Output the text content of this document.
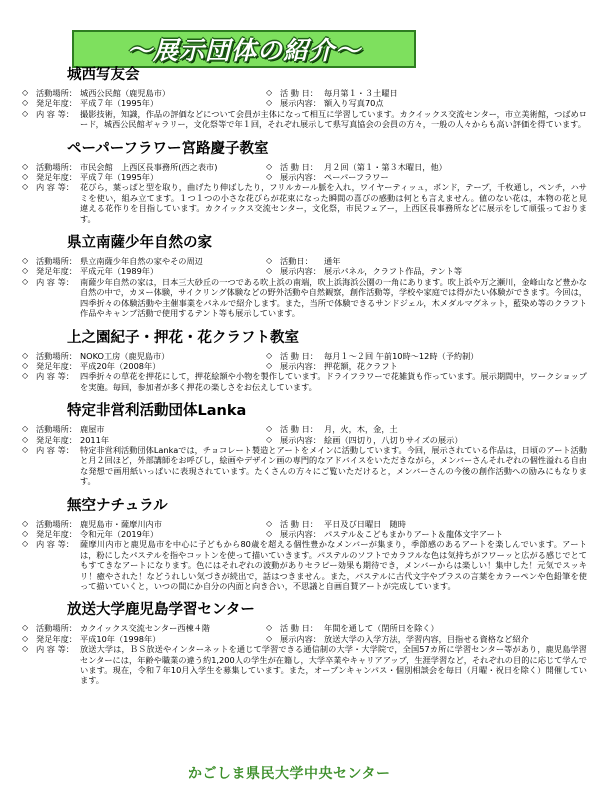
〜展示団体の紹介〜
城西写友会
◇ 活動場所： 城西公民館（鹿児島市）	◇ 活 動 日： 毎月第１・３土曜日
◇ 発足年度： 平成７年（1995年）	◇ 展示内容： 額入り写真70点
◇ 内 容 等： 撮影技術，知識，作品の評価などについて会員が主体になって相互に学習しています。カクイックス交流センター，市立美術館，つばめロード，城西公民館ギャラリー，文化祭等で年１回，それぞれ展示して県写真協会の会員の方々，一般の人々からも高い評価を得ています。
ペーパーフラワー宮路慶子教室
◇ 活動場所： 市民会館　上西区長事務所(西之表市)	◇ 活 動 日： 月２回（第１・第３木曜日，他）
◇ 発足年度： 平成７年（1995年）	◇ 展示内容： ペーパーフラワー
◇ 内 容 等： 花びら，葉っぱと型を取り，曲げたり伸ばしたり，フリルカール脈を入れ，ワイヤーティッュ，ボンド，テープ，千枚通し，ペンチ，ハサミを使い，組み立てます。１つ１つの小さな花びらが花束になった瞬間の喜びの感動は何とも言えません。値のない花は，本物の花と見違える花作りを目指しています。カクイックス交流センター，文化祭，市民フェアー，上西区長事務所などに展示をして頑張っております。
県立南薩少年自然の家
◇ 活動場所： 県立南薩少年自然の家やその周辺	◇ 活動日：	通年
◇ 発足年度： 平成元年（1989年）	◇ 展示内容： 展示パネル，クラフト作品，テント等
◇ 内 容 等： 南薩少年自然の家は，日本三大砂丘の一つである吹上浜の南端，吹上浜海浜公園の一角にあります。吹上浜や万之瀬川，金峰山など豊かな自然の中で，カヌー体験，サイクリング体験などの野外活動や自然観察，創作活動等，学校や家庭では得がたい体験ができます。今回は，四季折々の体験活動や主催事業をパネルで紹介します。また，当所で体験できるサンドジェル，木メダルマグネット，藍染め等のクラフト作品やキャンプ活動で使用するテント等も展示しています。
上之園紀子・押花・花クラフト教室
◇ 活動場所： NOKO工房（鹿児島市）	◇ 活 動 日： 毎月１〜２回 午前10時〜12時（予約制）
◇ 発足年度： 平成20年（2008年）	◇ 展示内容： 押花額，花クラフト
◇ 内 容 等： 四季折々の草花を押花にして，押花絵額や小物を製作しています。ドライフラワーで花雑貨も作っています。展示期間中，ワークショップを実施。毎回，参加者が多く押花の楽しさをお伝えしています。
特定非営利活動団体Lanka
◇ 活動場所： 鹿屋市	◇ 活 動 日： 月，火，木，金，土
◇ 発足年度： 2011年	◇ 展示内容： 絵画（四切り，八切りサイズの展示）
◇ 内 容 等： 特定非営利活動団体Lankaでは，チョコレート製造とアートをメインに活動しています。今回，展示されている作品は，日頃のアート活動と月２回ほど，外部講師をお呼びし，絵画やデザイン画の専門的なアドバイスをいただきながら，メンバーさんそれぞれの個性溢れる自由な発想で画用紙いっぱいに表現されています。たくさんの方々にご覧いただけると，メンバーさんの今後の創作活動への励みにもなります。
無空ナチュラル
◇ 活動場所： 鹿児島市・薩摩川内市	◇ 活 動 日： 平日及び日曜日　随時
◇ 発足年度： 令和元年（2019年）	◇ 展示内容： パステル＆こどもまかりアート＆龍体文字アート
◇ 内 容 等： 薩摩川内市と鹿児島市を中心に子どもから80歳を超える個性豊かなメンバーが集まり，季節感のあるアートを楽しんでいます。アートは，粉にしたパステルを指やコットンを使って描いていきます。パステルのソフトでカラフルな色は気持ちがフワーッと広がる感じでとてもすてきなアートになります。色にはそれぞれの波動がありセラピー効果も期待でき，メンバーからは楽しい！集中した！元気でスッキリ！癒やされた！などうれしい気づきが続出で，話はつきません。また，パステルに古代文字やプラスの言葉をカラーペンや色鉛筆を使って描いていくと，いつの間にか自分の内面と向き合い，不思議と自画自賛アートが完成しています。
放送大学鹿児島学習センター
◇ 活動場所： カクイックス交流センター西棟４階	◇ 活 動 日： 年間を通して（閉所日を除く）
◇ 発足年度： 平成10年（1998年）	◇ 展示内容： 放送大学の入学方法，学習内容，目指せる資格など紹介
◇ 内 容 等： 放送大学は，ＢＳ放送やインターネットを通じて学習できる通信制の大学・大学院で，全国57カ所に学習センター等があり，鹿児島学習センターには，年齢や職業の違う約1,200人の学生が在籍し，大学卒業やキャリアアップ，生涯学習など，それぞれの目的に応じて学んでいます。現在，令和７年10月入学生を募集しています。また，オープンキャンパス・個別相談会を毎日（月曜・祝日を除く）開催しています。
かごしま県民大学中央センター
